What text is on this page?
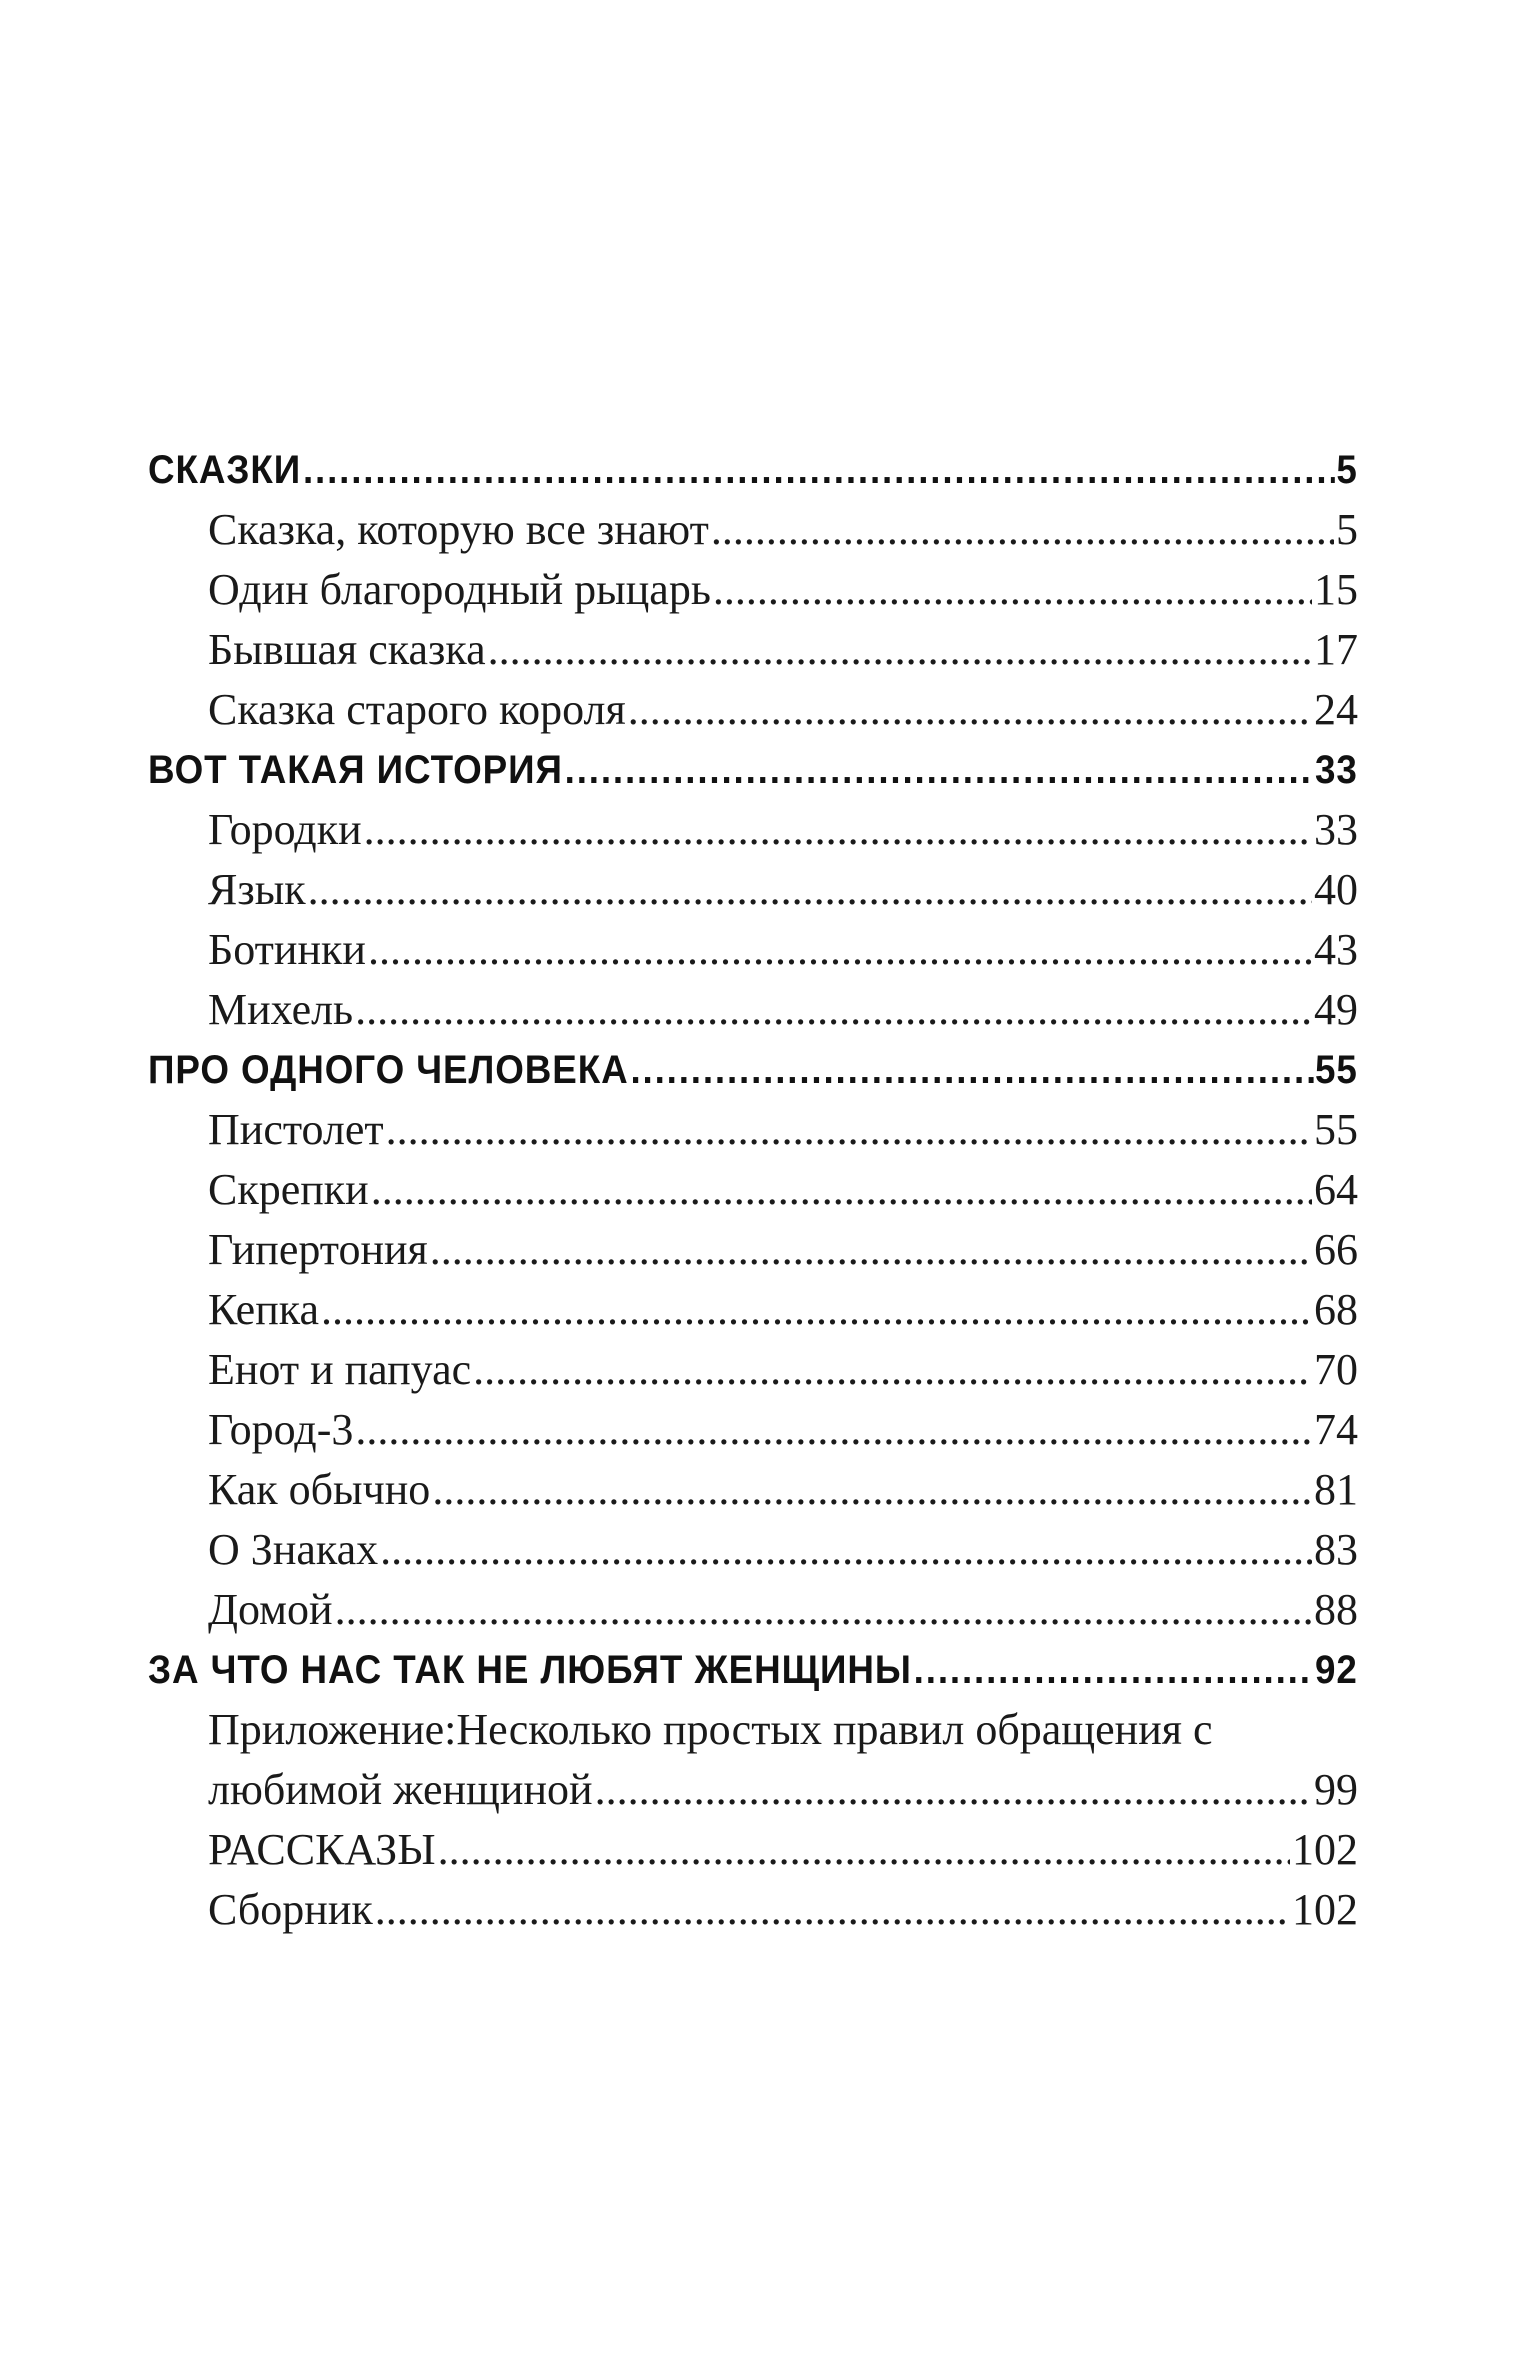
СКАЗКИ .....	5
Сказка, которую все знают .....	5
Один благородный рыцарь .....	15
Бывшая сказка .....	17
Сказка старого короля .....	24
ВОТ ТАКАЯ ИСТОРИЯ .....	33
Городки .....	33
Язык .....	40
Ботинки .....	43
Михель .....	49
ПРО ОДНОГО ЧЕЛОВЕКА .....	55
Пистолет .....	55
Скрепки .....	64
Гипертония .....	66
Кепка .....	68
Енот и папуас .....	70
Город-3 .....	74
Как обычно .....	81
О Знаках .....	83
Домой .....	88
ЗА ЧТО НАС ТАК НЕ ЛЮБЯТ ЖЕНЩИНЫ .....	92
Приложение:Несколько простых правил обращения с
любимой женщиной .....	99
РАССКАЗЫ .....	102
Сборник .....	102
